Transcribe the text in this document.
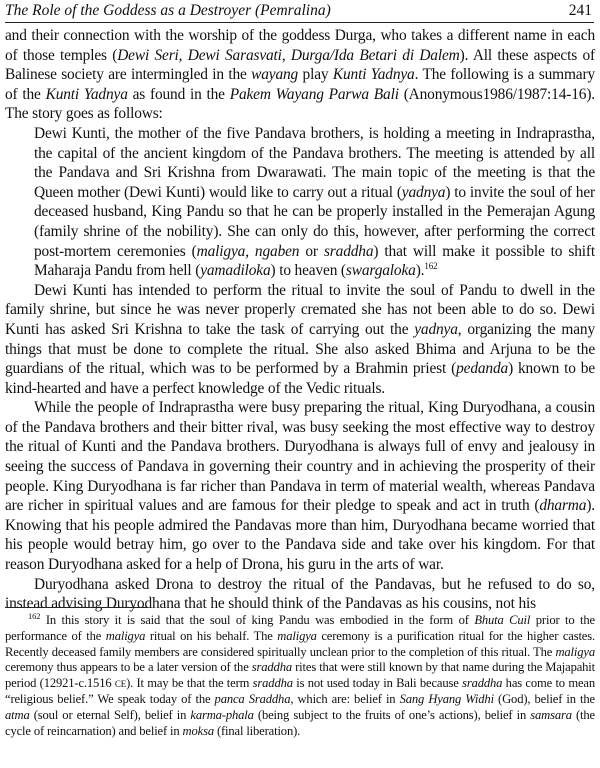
The Role of the Goddess as a Destroyer (Pemralina)	241

and their connection with the worship of the goddess Durga, who takes a different name in each of those temples (Dewi Seri, Dewi Sarasvati, Durga/Ida Betari di Dalem). All these aspects of Balinese society are intermingled in the wayang play Kunti Yadnya. The following is a summary of the Kunti Yadnya as found in the Pakem Wayang Parwa Bali (Anonymous1986/1987:14-16). The story goes as follows:

Dewi Kunti, the mother of the five Pandava brothers, is holding a meeting in Indraprastha, the capital of the ancient kingdom of the Pandava brothers. The meeting is attended by all the Pandava and Sri Krishna from Dwarawati. The main topic of the meeting is that the Queen mother (Dewi Kunti) would like to carry out a ritual (yadnya) to invite the soul of her deceased husband, King Pandu so that he can be properly installed in the Pemerajan Agung (family shrine of the nobility). She can only do this, however, after performing the correct post-mortem ceremonies (maligya, ngaben or sraddha) that will make it possible to shift Maharaja Pandu from hell (yamadiloka) to heaven (swargaloka).$^{162}$

Dewi Kunti has intended to perform the ritual to invite the soul of Pandu to dwell in the family shrine, but since he was never properly cremated she has not been able to do so. Dewi Kunti has asked Sri Krishna to take the task of carrying out the yadnya, organizing the many things that must be done to complete the ritual. She also asked Bhima and Arjuna to be the guardians of the ritual, which was to be performed by a Brahmin priest (pedanda) known to be kind-hearted and have a perfect knowledge of the Vedic rituals.

While the people of Indraprastha were busy preparing the ritual, King Duryodhana, a cousin of the Pandava brothers and their bitter rival, was busy seeking the most effective way to destroy the ritual of Kunti and the Pandava brothers. Duryodhana is always full of envy and jealousy in seeing the success of Pandava in governing their country and in achieving the prosperity of their people. King Duryodhana is far richer than Pandava in term of material wealth, whereas Pandava are richer in spiritual values and are famous for their pledge to speak and act in truth (dharma). Knowing that his people admired the Pandavas more than him, Duryodhana became worried that his people would betray him, go over to the Pandava side and take over his kingdom. For that reason Duryodhana asked for a help of Drona, his guru in the arts of war.

Duryodhana asked Drona to destroy the ritual of the Pandavas, but he refused to do so, instead advising Duryodhana that he should think of the Pandavas as his cousins, not his

$^{162}$ In this story it is said that the soul of king Pandu was embodied in the form of Bhuta Cuil prior to the performance of the maligya ritual on his behalf. The maligya ceremony is a purification ritual for the higher castes. Recently deceased family members are considered spiritually unclean prior to the completion of this ritual. The maligya ceremony thus appears to be a later version of the sraddha rites that were still known by that name during the Majapahit period (12921-c.1516 ce). It may be that the term sraddha is not used today in Bali because sraddha has come to mean “religious belief.” We speak today of the panca Sraddha, which are: belief in Sang Hyang Widhi (God), belief in the atma (soul or eternal Self), belief in karma-phala (being subject to the fruits of one’s actions), belief in samsara (the cycle of reincarnation) and belief in moksa (final liberation).
